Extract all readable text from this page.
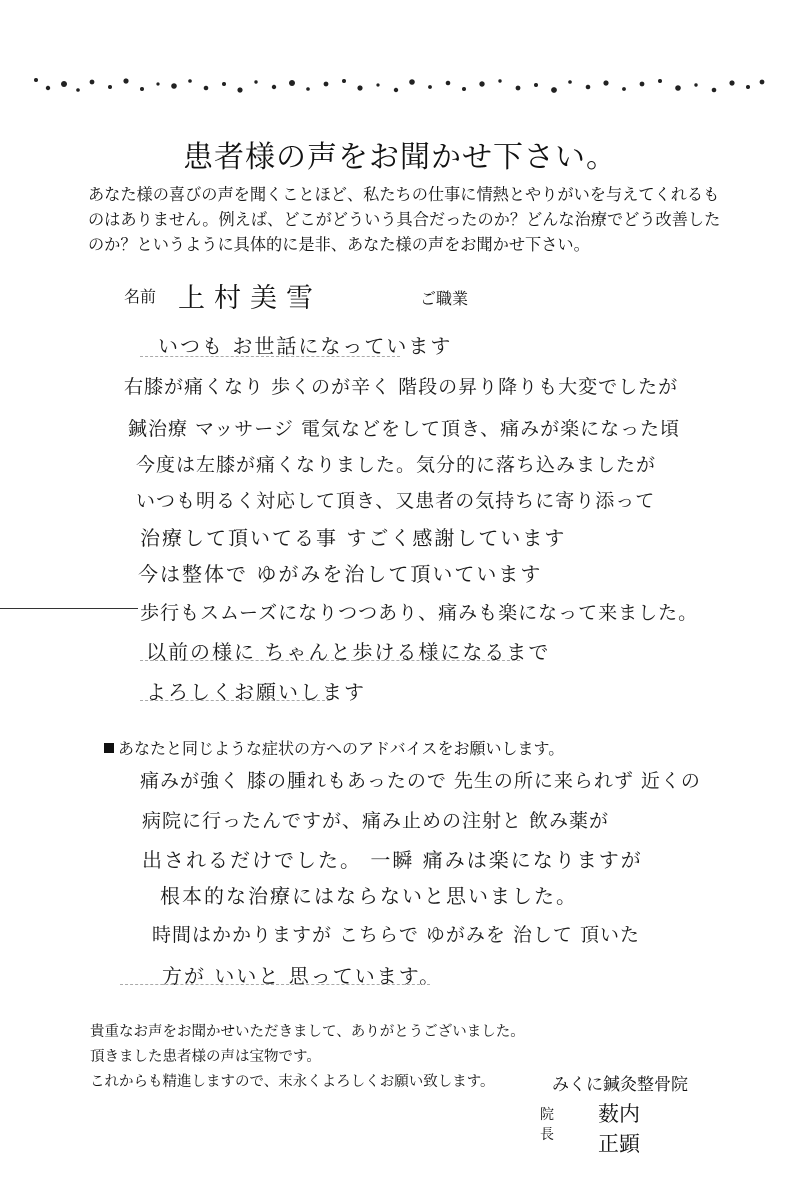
患者様の声をお聞かせ下さい。
あなた様の喜びの声を聞くことほど、私たちの仕事に情熱とやりがいを与えてくれるものはありません。例えば、どこがどういう具合だったのか？どんな治療でどう改善したのか？というように具体的に是非、あなた様の声をお聞かせ下さい。
名前 上村美雪	ご職業
いつも お世話になっています
右膝が痛くなり 歩くのが辛く 階段の昇り降りも大変でしたが
鍼治療 マッサージ 電気などをして頂き、痛みが楽になった頃
今度は左膝が痛くなりました。気分的に落ち込みましたが
いつも明るく対応して頂き、又患者の気持ちに寄り添って
治療して頂いてる事 すごく感謝しています
今は整体で ゆがみを治して頂いています
歩行もスムーズになりつつあり、痛みも楽になって来ました。
以前の様に ちゃんと歩ける様になるまで
よろしくお願いします
あなたと同じような症状の方へのアドバイスをお願いします。
痛みが強く 膝の腫れもあったので 先生の所に来られず 近くの
病院に行ったんですが、痛み止めの注射と 飲み薬が
出されるだけでした。 一瞬 痛みは楽になりますが
根本的な治療にはならないと思いました。
時間はかかりますが こちらで ゆがみを 治して 頂いた
方が いいと 思っています。
貴重なお声をお聞かせいただきまして、ありがとうございました。
頂きました患者様の声は宝物です。
これからも精進しますので、末永くよろしくお願い致します。	みくに鍼灸整骨院
院長
薮内　正顕
